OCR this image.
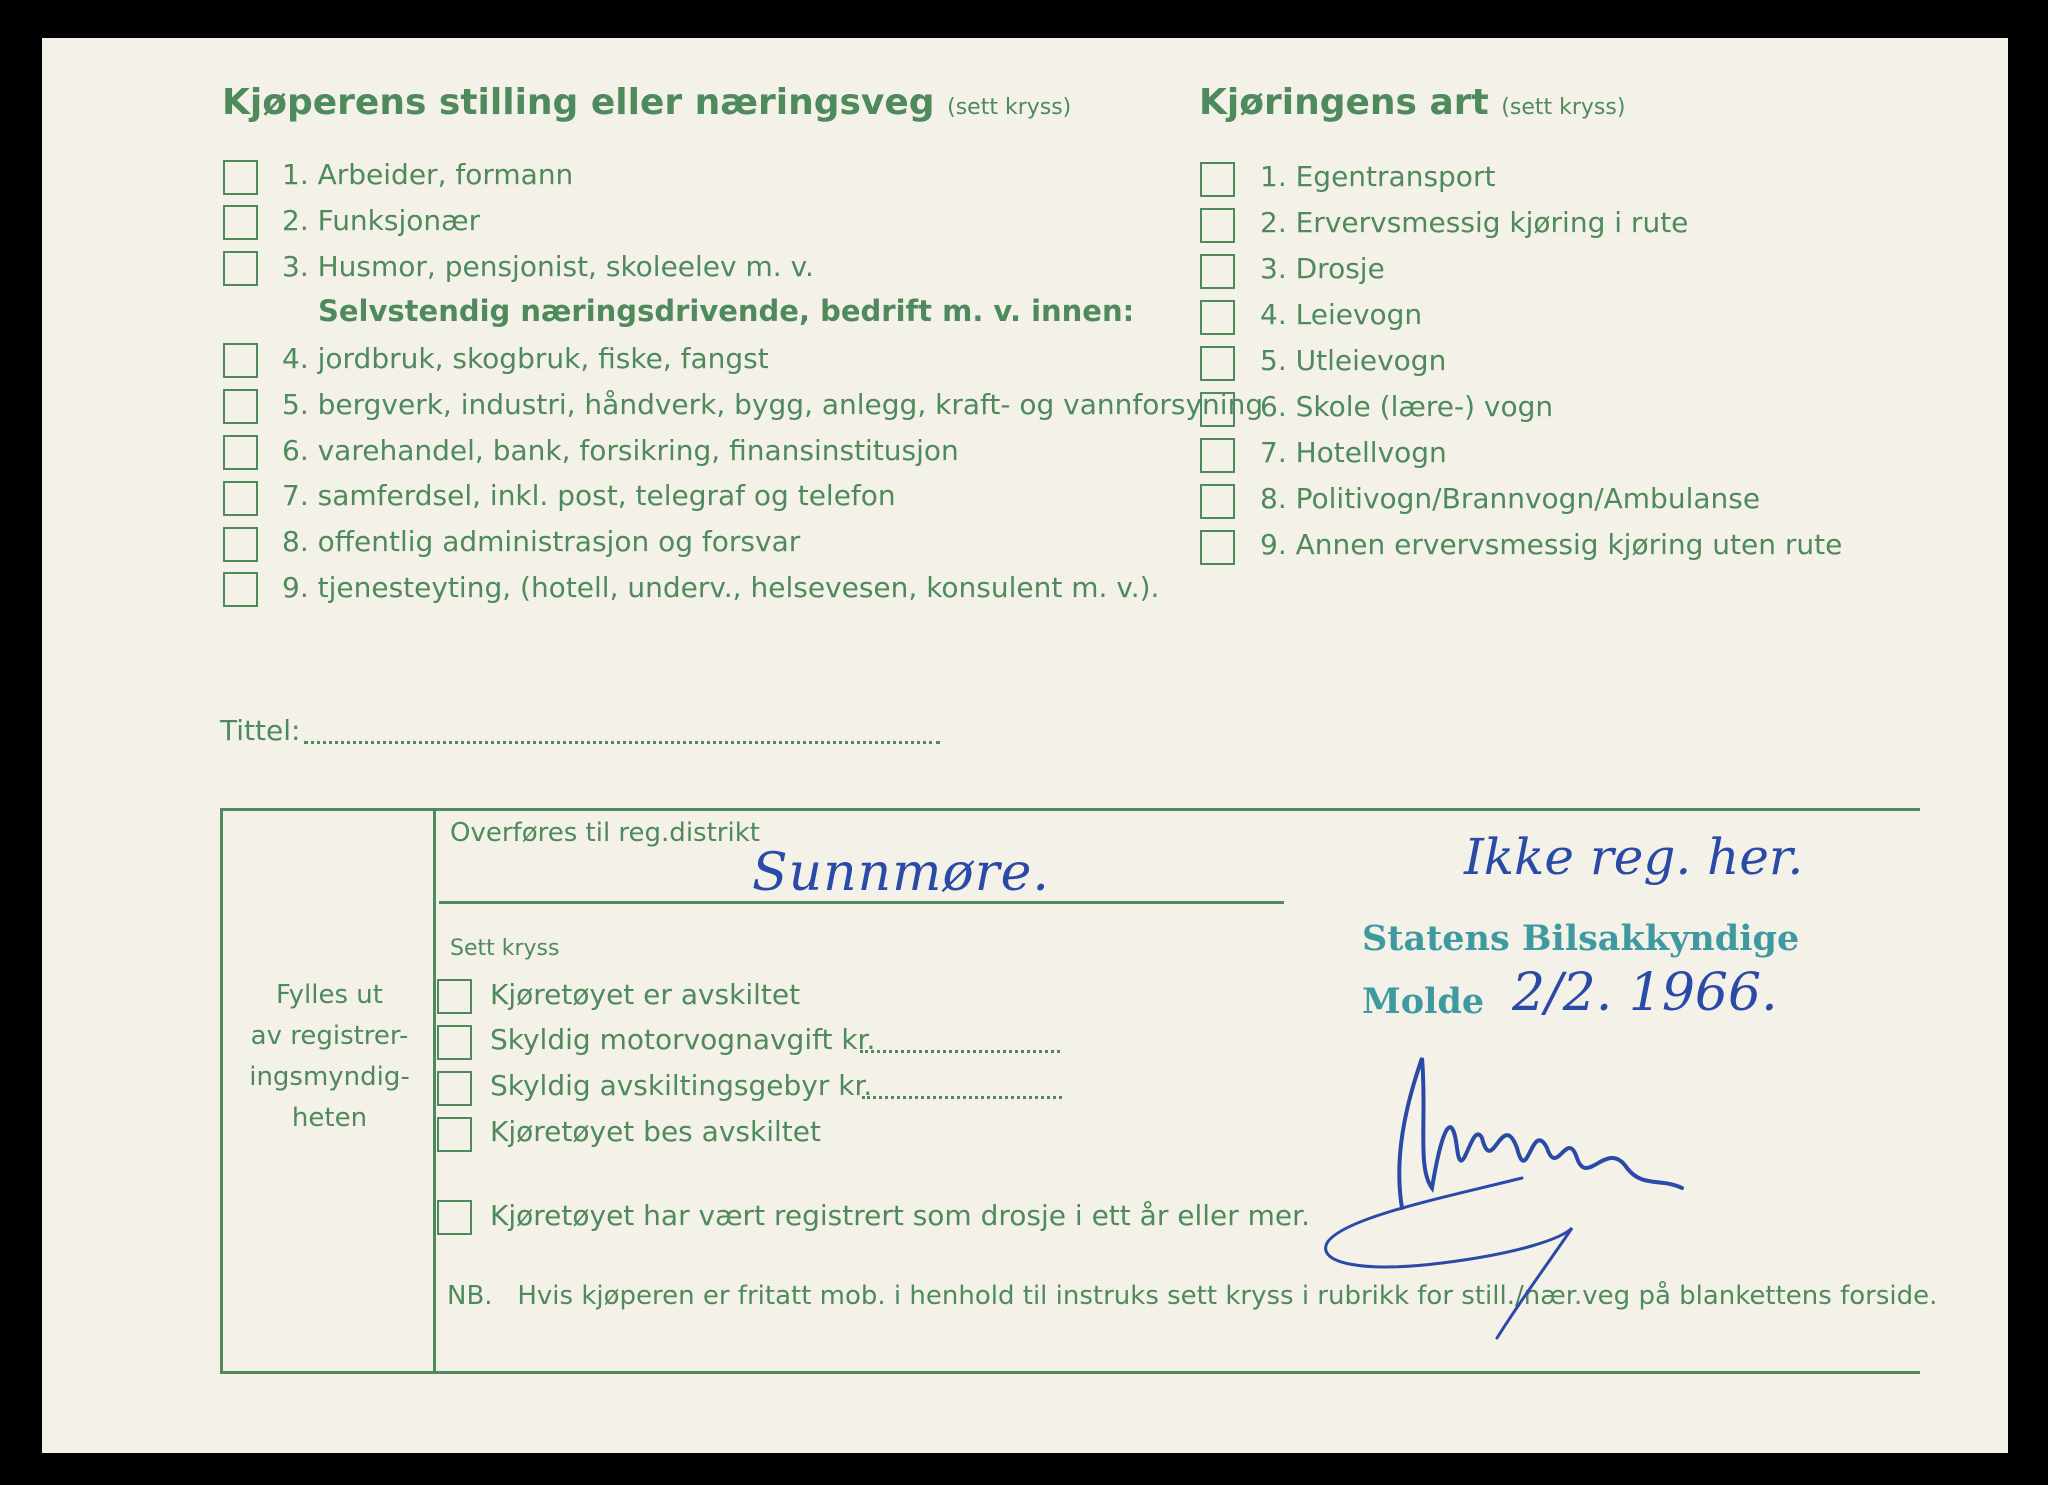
Kjøperens stilling eller næringsveg (sett kryss)	Kjøringens art (sett kryss)
1. Arbeider, formann
2. Funksjonær
3. Husmor, pensjonist, skoleelev m. v.
Selvstendig næringsdrivende, bedrift m. v. innen:
4. jordbruk, skogbruk, fiske, fangst
5. bergverk, industri, håndverk, bygg, anlegg, kraft- og vannforsyning
6. varehandel, bank, forsikring, finansinstitusjon
7. samferdsel, inkl. post, telegraf og telefon
8. offentlig administrasjon og forsvar
9. tjenesteyting, (hotell, underv., helsevesen, konsulent m. v.).
1. Egentransport
2. Ervervsmessig kjøring i rute
3. Drosje
4. Leievogn
5. Utleievogn
6. Skole (lære-) vogn
7. Hotellvogn
8. Politivogn/Brannvogn/Ambulanse
9. Annen ervervsmessig kjøring uten rute
Tittel:
Fylles ut
av registrer-
ingsmyndig-
heten
Overføres til reg.distrikt
Sunnmøre.
Sett kryss
Kjøretøyet er avskiltet
Skyldig motorvognavgift kr.
Skyldig avskiltingsgebyr kr.
Kjøretøyet bes avskiltet
Kjøretøyet har vært registrert som drosje i ett år eller mer.
NB.   Hvis kjøperen er fritatt mob. i henhold til instruks sett kryss i rubrikk for still./nær.veg på blankettens forside.
Ikke reg. her.
Statens Bilsakkyndige
Molde 2/2. 1966.
signature
